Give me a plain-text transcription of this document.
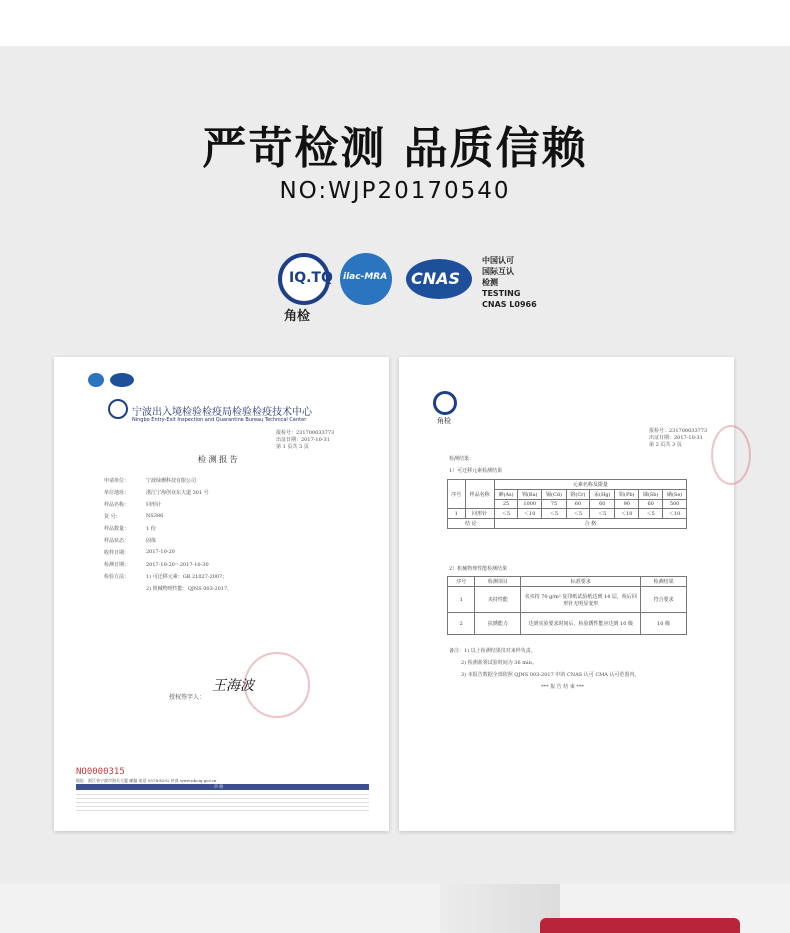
严苛检测 品质信赖
NO:WJP20170540
IQ.TQ
角检
ilac-MRA CNAS
中国认可
国际互认
检测
TESTING
CNAS L0966
宁波出入境检验检疫局检验检疫技术中心
Ningbo Entry-Exit Inspection and Quarantine Bureau Technical Center
报检号：231700033773
出证日期：2017-10-31
第 1 页共 3 页
检 测 报 告
申请单位：	宁波绿珊科技有限公司
单位地址：	浙江宁海创业东大道 301 号
样品名称：	回形针
货 号：	NS386
样品数量：	1 份
样品状态：	固体
收样日期：	2017-10-20
检测日期：	2017-10-20～2017-10-30
检验方法：	1) 可迁移元素：GB 21027-2007；
2) 机械物理性能：QJNS 003-2017。
授权签字人：
王海波
NO0000315
地址：浙江省宁波市海关大厦 邮编 电话 0574-8292 传真 www.nbciq.gov.cn
声 明
角检
报检号：231700033773
出证日期：2017-10-31
第 2 页共 3 页
检测结果：
1）可迁移元素检测结果
序号	样品名称	元素名称及限量							
		砷(As)	钡(Ba)	镉(Cd)	铬(Cr)	汞(Hg)	铅(Pb)	锑(Sb)	硒(Se)
		25	1000	75	60	60	90	60	500
1	回形针	＜5	＜10	＜5	＜5	＜5	＜10	＜5	＜10
结 论		合 格							
2）机械物理性能检测结果
序号	检测项目	标准要求	检测结果
1	夹持性能	夹夹持 70 g/m² 复印纸试验纸达到 14 层，检后回形针无明显变形	符合要求
2	抗锈能力	达到实验要求时间后，检验锈性能应达到 10 级	10 级
备注：1) 以上检测结果仅对来样负责。
2) 检测盐雾试验时间为 36 min。
3) 本报告数据全部依照 QJNS 003-2017 中的 CNAS 认可 CMA 认可范围内。
*** 报 告 结 束 ***
